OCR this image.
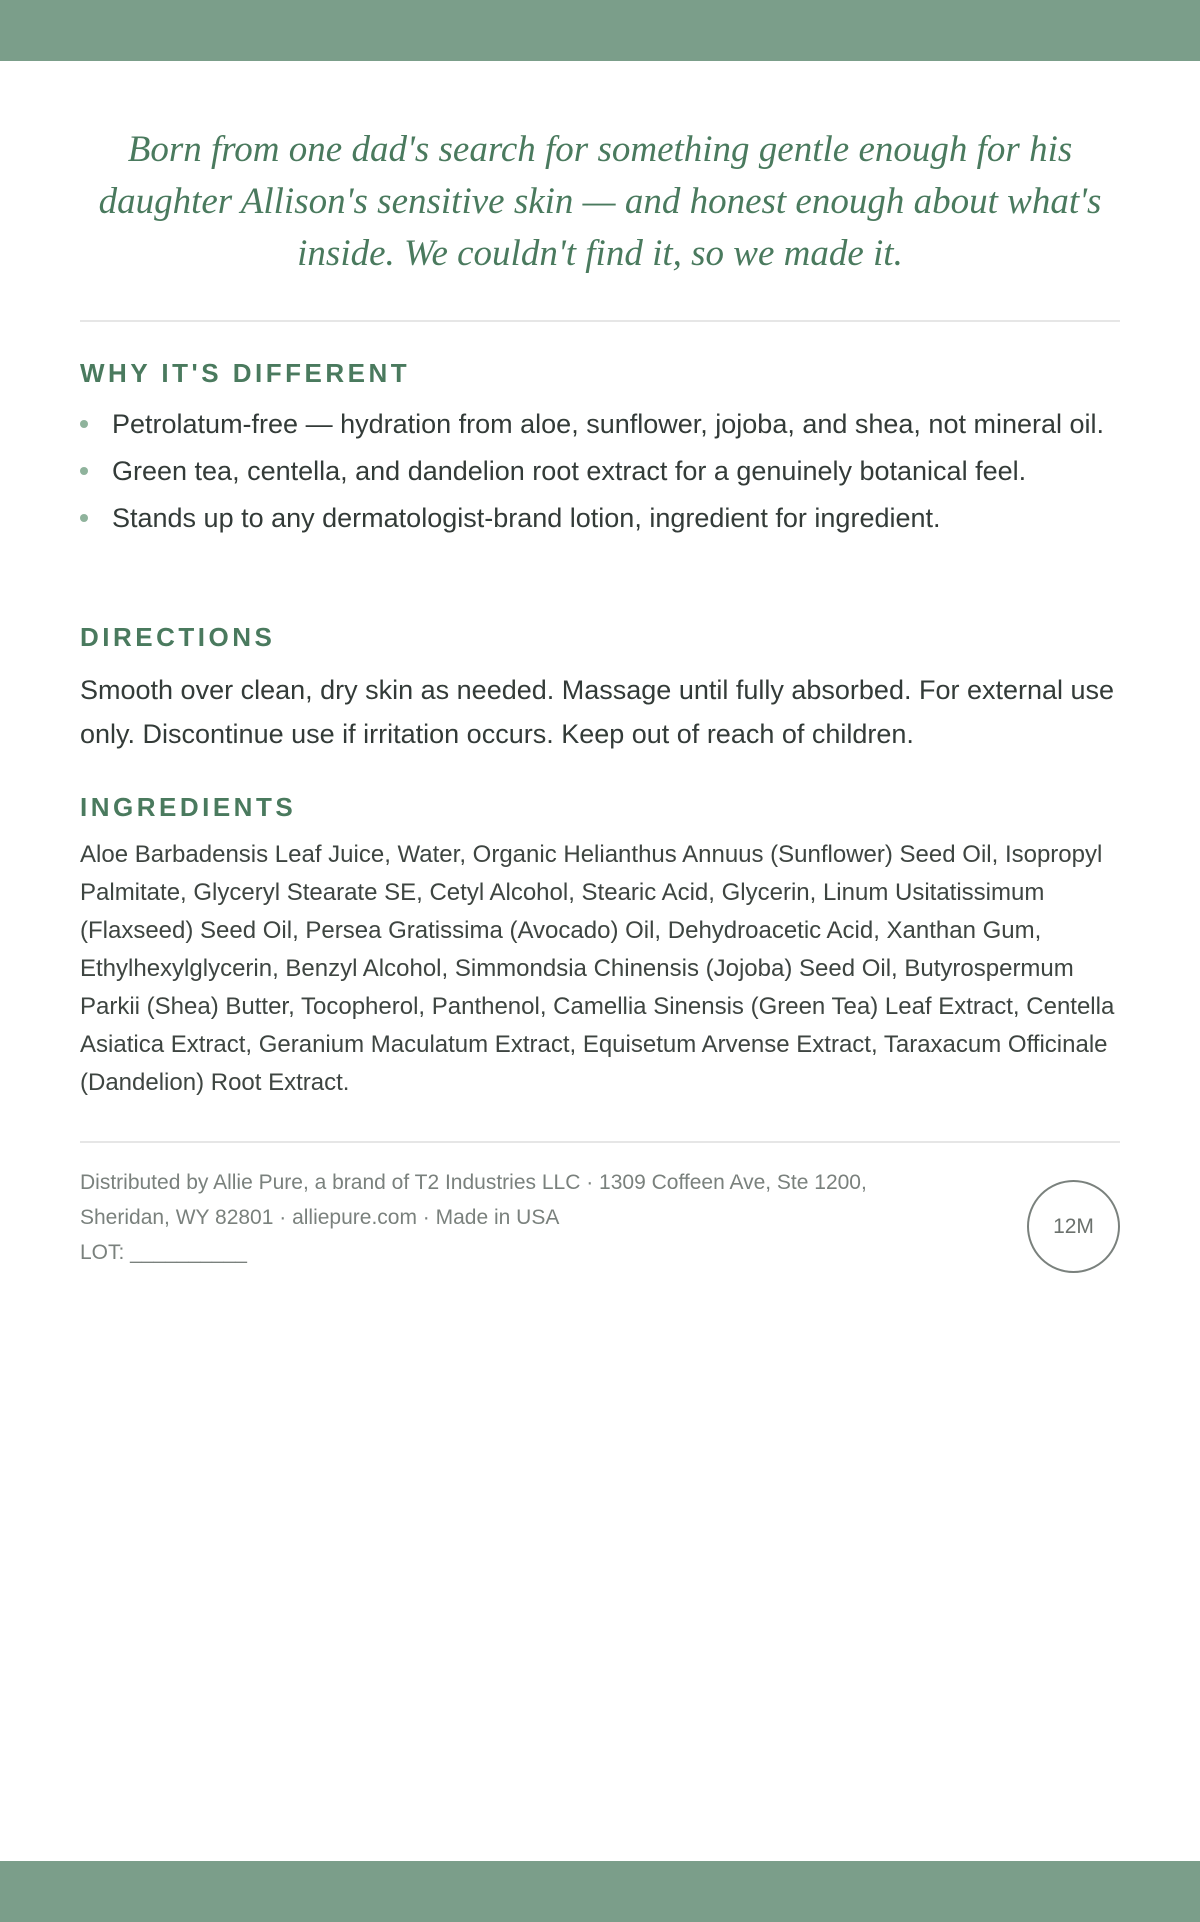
Born from one dad's search for something gentle enough for his daughter Allison's sensitive skin — and honest enough about what's inside. We couldn't find it, so we made it.

WHY IT'S DIFFERENT
Petrolatum-free — hydration from aloe, sunflower, jojoba, and shea, not mineral oil.
Green tea, centella, and dandelion root extract for a genuinely botanical feel.
Stands up to any dermatologist-brand lotion, ingredient for ingredient.
DIRECTIONS

Smooth over clean, dry skin as needed. Massage until fully absorbed. For external use only. Discontinue use if irritation occurs. Keep out of reach of children.

INGREDIENTS

Aloe Barbadensis Leaf Juice, Water, Organic Helianthus Annuus (Sunflower) Seed Oil, Isopropyl Palmitate, Glyceryl Stearate SE, Cetyl Alcohol, Stearic Acid, Glycerin, Linum Usitatissimum (Flaxseed) Seed Oil, Persea Gratissima (Avocado) Oil, Dehydroacetic Acid, Xanthan Gum, Ethylhexylglycerin, Benzyl Alcohol, Simmondsia Chinensis (Jojoba) Seed Oil, Butyrospermum Parkii (Shea) Butter, Tocopherol, Panthenol, Camellia Sinensis (Green Tea) Leaf Extract, Centella Asiatica Extract, Geranium Maculatum Extract, Equisetum Arvense Extract, Taraxacum Officinale (Dandelion) Root Extract.

Distributed by Allie Pure, a brand of T2 Industries LLC · 1309 Coffeen Ave, Ste 1200,

Sheridan, WY 82801 · alliepure.com · Made in USA

LOT: __________

12M
